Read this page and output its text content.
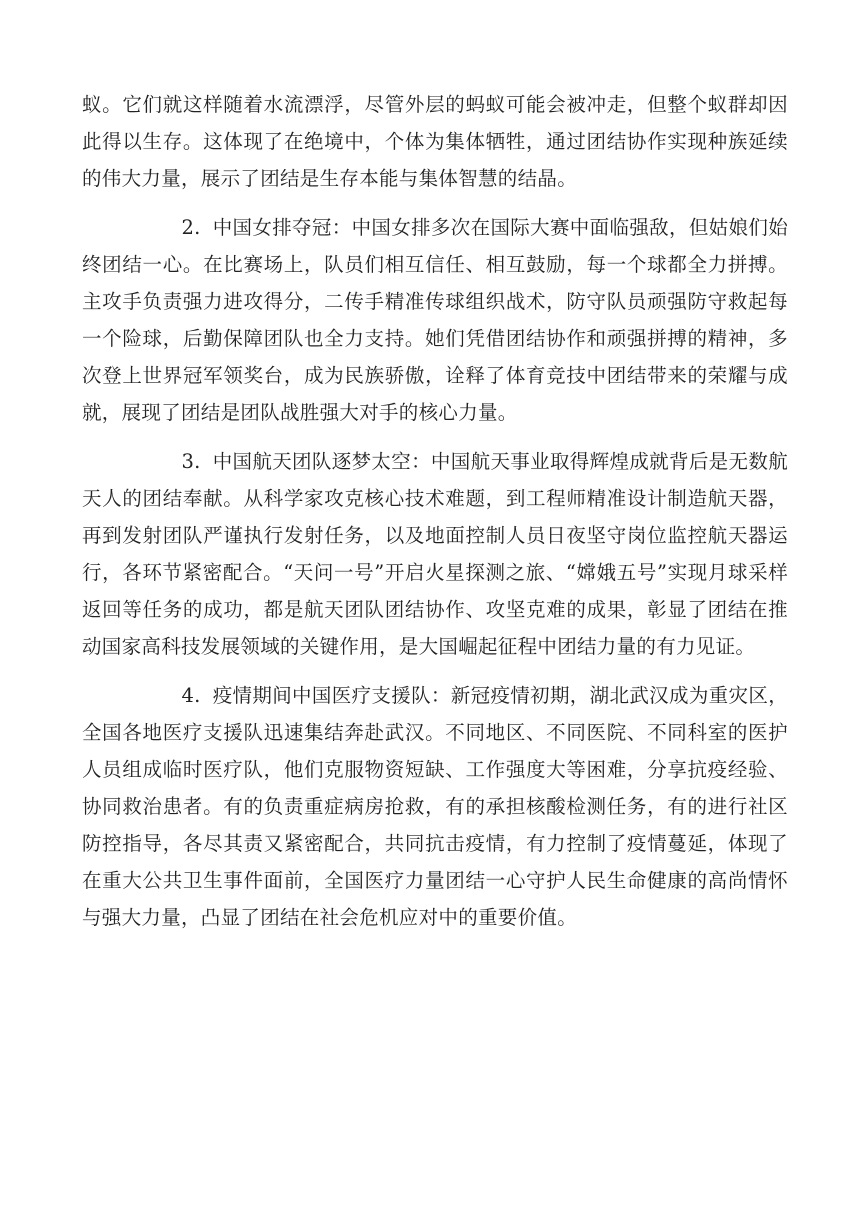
蚁。它们就这样随着水流漂浮，尽管外层的蚂蚁可能会被冲走，但整个蚁群却因此得以生存。这体现了在绝境中，个体为集体牺牲，通过团结协作实现种族延续的伟大力量，展示了团结是生存本能与集体智慧的结晶。

2. 中国女排夺冠：中国女排多次在国际大赛中面临强敌，但姑娘们始终团结一心。在比赛场上，队员们相互信任、相互鼓励，每一个球都全力拼搏。主攻手负责强力进攻得分，二传手精准传球组织战术，防守队员顽强防守救起每一个险球，后勤保障团队也全力支持。她们凭借团结协作和顽强拼搏的精神，多次登上世界冠军领奖台，成为民族骄傲，诠释了体育竞技中团结带来的荣耀与成就，展现了团结是团队战胜强大对手的核心力量。

3. 中国航天团队逐梦太空：中国航天事业取得辉煌成就背后是无数航天人的团结奉献。从科学家攻克核心技术难题，到工程师精准设计制造航天器，再到发射团队严谨执行发射任务，以及地面控制人员日夜坚守岗位监控航天器运行，各环节紧密配合。“天问一号”开启火星探测之旅、“嫦娥五号”实现月球采样返回等任务的成功，都是航天团队团结协作、攻坚克难的成果，彰显了团结在推动国家高科技发展领域的关键作用，是大国崛起征程中团结力量的有力见证。

4. 疫情期间中国医疗支援队：新冠疫情初期，湖北武汉成为重灾区，全国各地医疗支援队迅速集结奔赴武汉。不同地区、不同医院、不同科室的医护人员组成临时医疗队，他们克服物资短缺、工作强度大等困难，分享抗疫经验、协同救治患者。有的负责重症病房抢救，有的承担核酸检测任务，有的进行社区防控指导，各尽其责又紧密配合，共同抗击疫情，有力控制了疫情蔓延，体现了在重大公共卫生事件面前，全国医疗力量团结一心守护人民生命健康的高尚情怀与强大力量，凸显了团结在社会危机应对中的重要价值。
